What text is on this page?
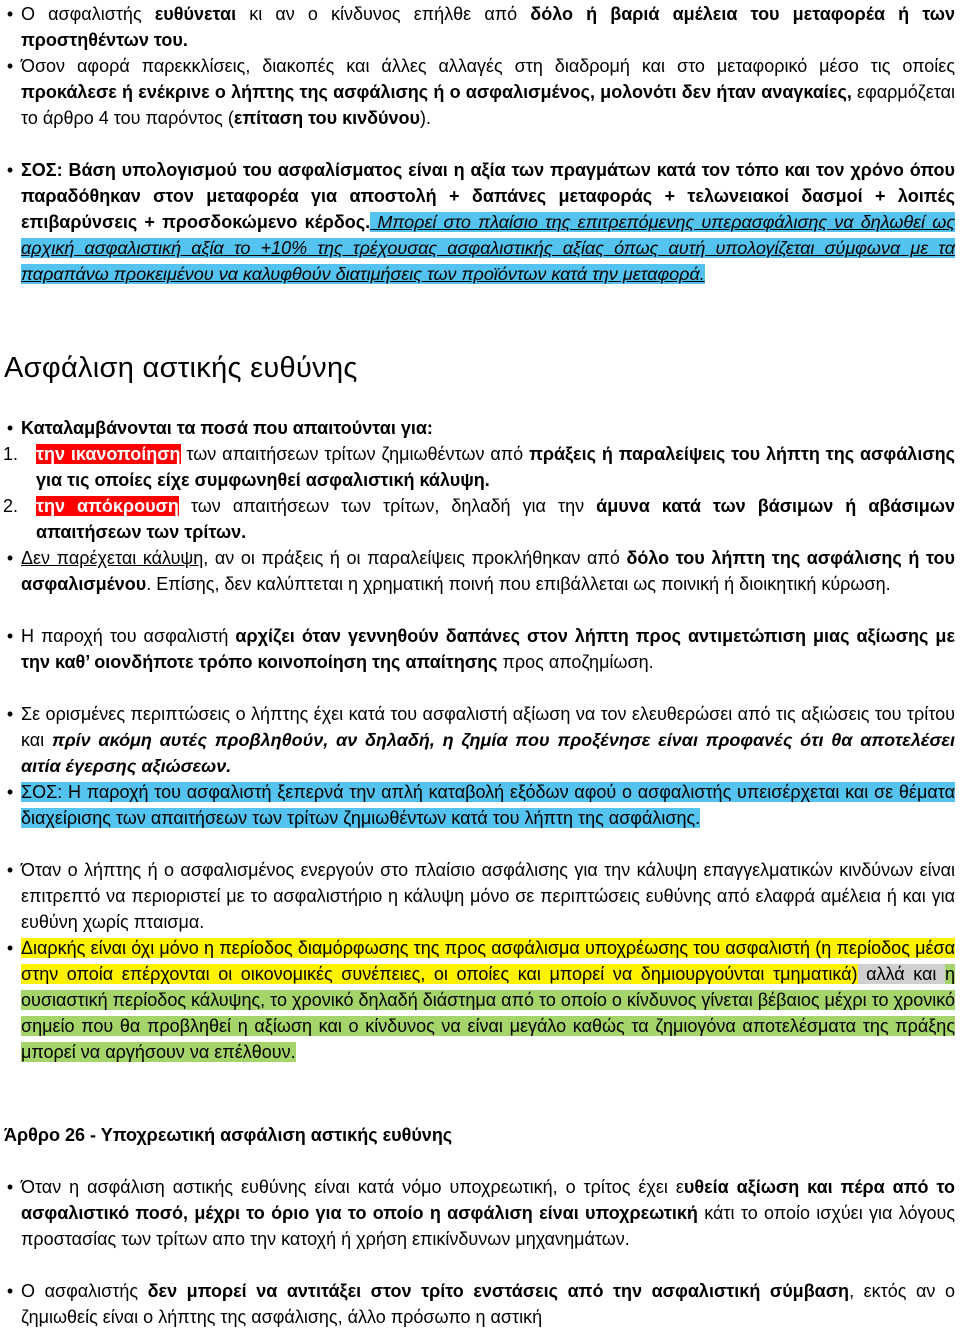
• Ο ασφαλιστής ευθύνεται κι αν ο κίνδυνος επήλθε από δόλο ή βαριά αμέλεια του μεταφορέα ή των προστηθέντων του.
• Όσον αφορά παρεκκλίσεις, διακοπές και άλλες αλλαγές στη διαδρομή και στο μεταφορικό μέσο τις οποίες προκάλεσε ή ενέκρινε ο λήπτης της ασφάλισης ή ο ασφαλισμένος, μολονότι δεν ήταν αναγκαίες, εφαρμόζεται το άρθρο 4 του παρόντος (επίταση του κινδύνου).
• ΣΟΣ: Βάση υπολογισμού του ασφαλίσματος είναι η αξία των πραγμάτων κατά τον τόπο και τον χρόνο όπου παραδόθηκαν στον μεταφορέα για αποστολή + δαπάνες μεταφοράς + τελωνειακοί δασμοί + λοιπές επιβαρύνσεις + προσδοκώμενο κέρδος. Μπορεί στο πλαίσιο της επιτρεπόμενης υπερασφάλισης να δηλωθεί ως αρχική ασφαλιστική αξία το +10% της τρέχουσας ασφαλιστικής αξίας όπως αυτή υπολογίζεται σύμφωνα με τα παραπάνω προκειμένου να καλυφθούν διατιμήσεις των προϊόντων κατά την μεταφορά.
Ασφάλιση αστικής ευθύνης
• Καταλαμβάνονται τα ποσά που απαιτούνται για:
1. την ικανοποίηση των απαιτήσεων τρίτων ζημιωθέντων από πράξεις ή παραλείψεις του λήπτη της ασφάλισης για τις οποίες είχε συμφωνηθεί ασφαλιστική κάλυψη.
2. την απόκρουση των απαιτήσεων των τρίτων, δηλαδή για την άμυνα κατά των βάσιμων ή αβάσιμων απαιτήσεων των τρίτων.
• Δεν παρέχεται κάλυψη, αν οι πράξεις ή οι παραλείψεις προκλήθηκαν από δόλο του λήπτη της ασφάλισης ή του ασφαλισμένου. Επίσης, δεν καλύπτεται η χρηματική ποινή που επιβάλλεται ως ποινική ή διοικητική κύρωση.
• Η παροχή του ασφαλιστή αρχίζει όταν γεννηθούν δαπάνες στον λήπτη προς αντιμετώπιση μιας αξίωσης με την καθ’ οιονδήποτε τρόπο κοινοποίηση της απαίτησης προς αποζημίωση.
• Σε ορισμένες περιπτώσεις ο λήπτης έχει κατά του ασφαλιστή αξίωση να τον ελευθερώσει από τις αξιώσεις του τρίτου και πρίν ακόμη αυτές προβληθούν, αν δηλαδή, η ζημία που προξένησε είναι προφανές ότι θα αποτελέσει αιτία έγερσης αξιώσεων.
• ΣΟΣ: Η παροχή του ασφαλιστή ξεπερνά την απλή καταβολή εξόδων αφού ο ασφαλιστής υπεισέρχεται και σε θέματα διαχείρισης των απαιτήσεων των τρίτων ζημιωθέντων κατά του λήπτη της ασφάλισης.
• Όταν ο λήπτης ή ο ασφαλισμένος ενεργούν στο πλαίσιο ασφάλισης για την κάλυψη επαγγελματικών κινδύνων είναι επιτρεπτό να περιοριστεί με το ασφαλιστήριο η κάλυψη μόνο σε περιπτώσεις ευθύνης από ελαφρά αμέλεια ή και για ευθύνη χωρίς πταισμα.
• Διαρκής είναι όχι μόνο η περίοδος διαμόρφωσης της προς ασφάλισμα υποχρέωσης του ασφαλιστή (η περίοδος μέσα στην οποία επέρχονται οι οικονομικές συνέπειες, οι οποίες και μπορεί να δημιουργούνται τμηματικά) αλλά και η ουσιαστική περίοδος κάλυψης, το χρονικό δηλαδή διάστημα από το οποίο ο κίνδυνος γίνεται βέβαιος μέχρι το χρονικό σημείο που θα προβληθεί η αξίωση και ο κίνδυνος να είναι μεγάλο καθώς τα ζημιογόνα αποτελέσματα της πράξης μπορεί να αργήσουν να επέλθουν.
Άρθρο 26 - Υποχρεωτική ασφάλιση αστικής ευθύνης
• Όταν η ασφάλιση αστικής ευθύνης είναι κατά νόμο υποχρεωτική, ο τρίτος έχει ευθεία αξίωση και πέρα από το ασφαλιστικό ποσό, μέχρι το όριο για το οποίο η ασφάλιση είναι υποχρεωτική κάτι το οποίο ισχύει για λόγους προστασίας των τρίτων απο την κατοχή ή χρήση επικίνδυνων μηχανημάτων.
• Ο ασφαλιστής δεν μπορεί να αντιτάξει στον τρίτο ενστάσεις από την ασφαλιστική σύμβαση, εκτός αν ο ζημιωθείς είναι ο λήπτης της ασφάλισης, άλλο πρόσωπο η αστική
